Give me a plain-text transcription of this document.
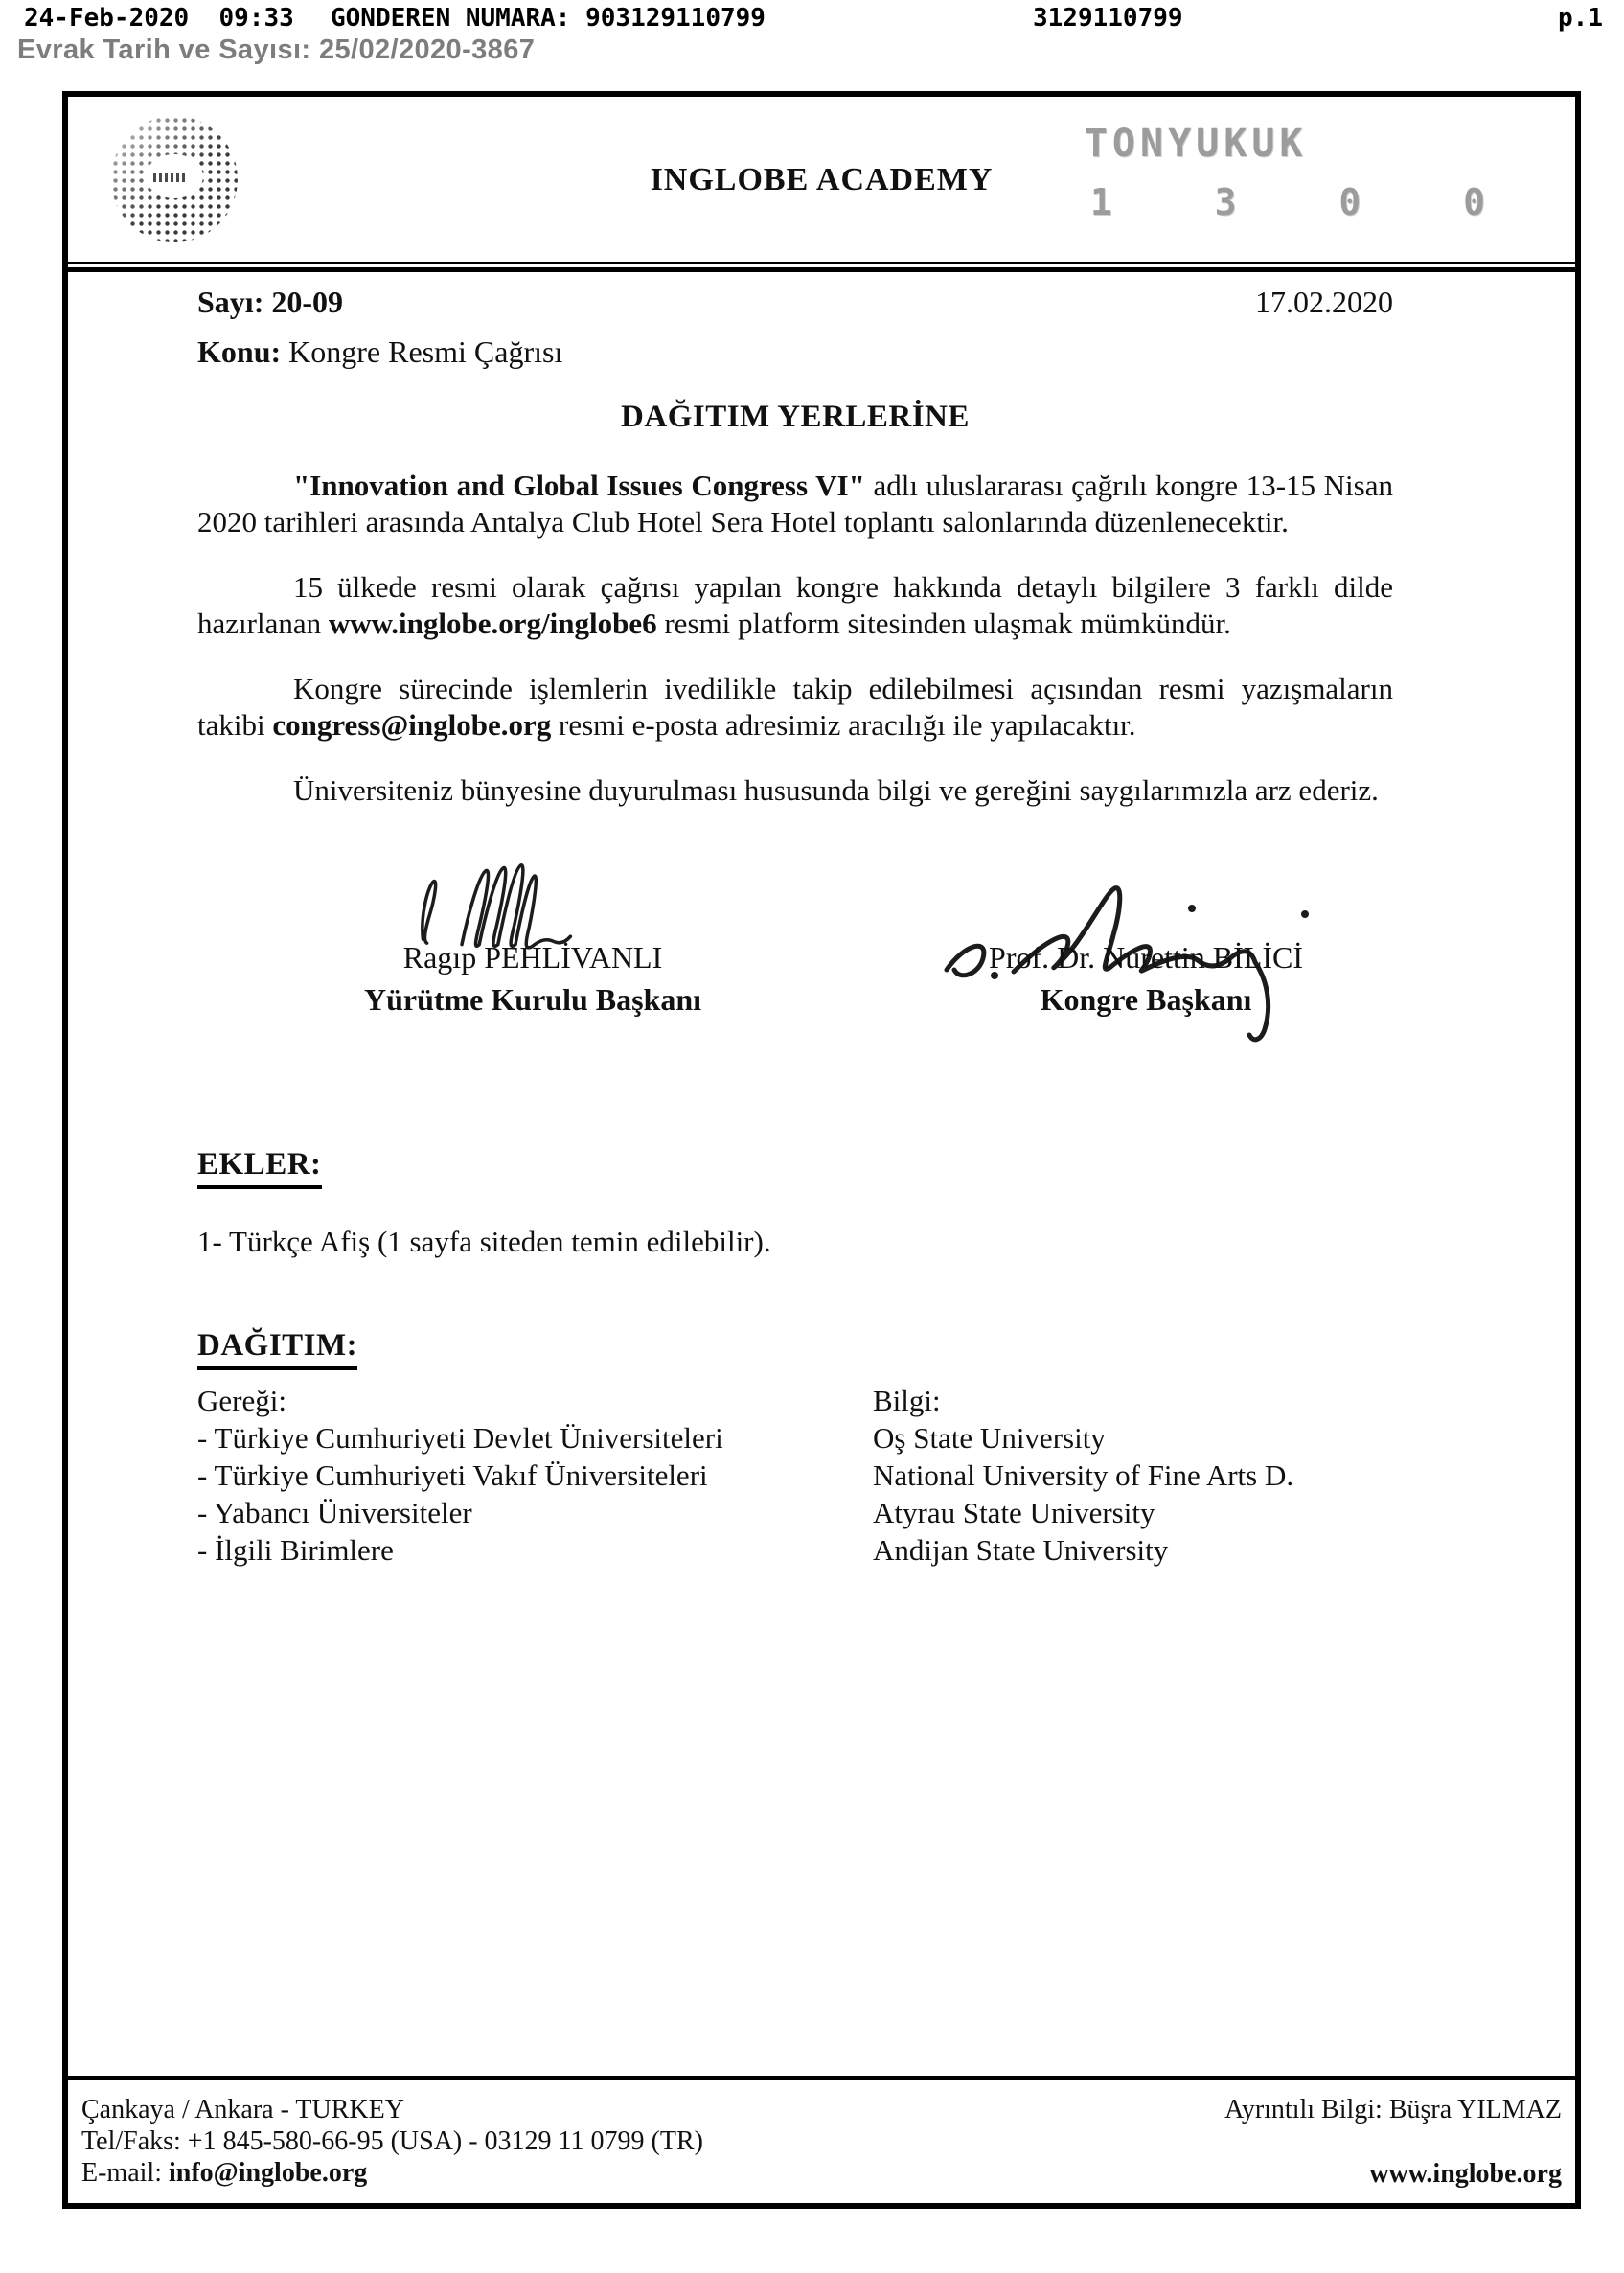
24-Feb-2020  09:33 GONDEREN NUMARA: 903129110799	3129110799	p.1
Evrak Tarih ve Sayısı: 25/02/2020-3867
INGLOBE ACADEMY
TONYUKUK
1 3 0 0
Sayı: 20-09	17.02.2020
Konu: Kongre Resmi Çağrısı
DAĞITIM YERLERİNE

"Innovation and Global Issues Congress VI" adlı uluslararası çağrılı kongre 13-15 Nisan 2020 tarihleri arasında Antalya Club Hotel Sera Hotel toplantı salonlarında düzenlenecektir.

15 ülkede resmi olarak çağrısı yapılan kongre hakkında detaylı bilgilere 3 farklı dilde hazırlanan www.inglobe.org/inglobe6 resmi platform sitesinden ulaşmak mümkündür.

Kongre sürecinde işlemlerin ivedilikle takip edilebilmesi açısından resmi yazışmaların takibi congress@inglobe.org resmi e-posta adresimiz aracılığı ile yapılacaktır.

Üniversiteniz bünyesine duyurulması hususunda bilgi ve gereğini saygılarımızla arz ederiz.

Ragıp PEHLİVANLI
Yürütme Kurulu Başkanı
Prof. Dr. Nurettin BİLİCİ
Kongre Başkanı
EKLER:
1- Türkçe Afiş (1 sayfa siteden temin edilebilir).
DAĞITIM:
Gereği:	Bilgi:
- Türkiye Cumhuriyeti Devlet Üniversiteleri	Oş State University
- Türkiye Cumhuriyeti Vakıf Üniversiteleri	National University of Fine Arts D.
- Yabancı Üniversiteler	Atyrau State University
- İlgili Birimlere	Andijan State University
Çankaya / Ankara - TURKEY
Tel/Faks: +1 845-580-66-95 (USA) - 03129 11 0799 (TR)
E-mail: info@inglobe.org
Ayrıntılı Bilgi: Büşra YILMAZ
www.inglobe.org
